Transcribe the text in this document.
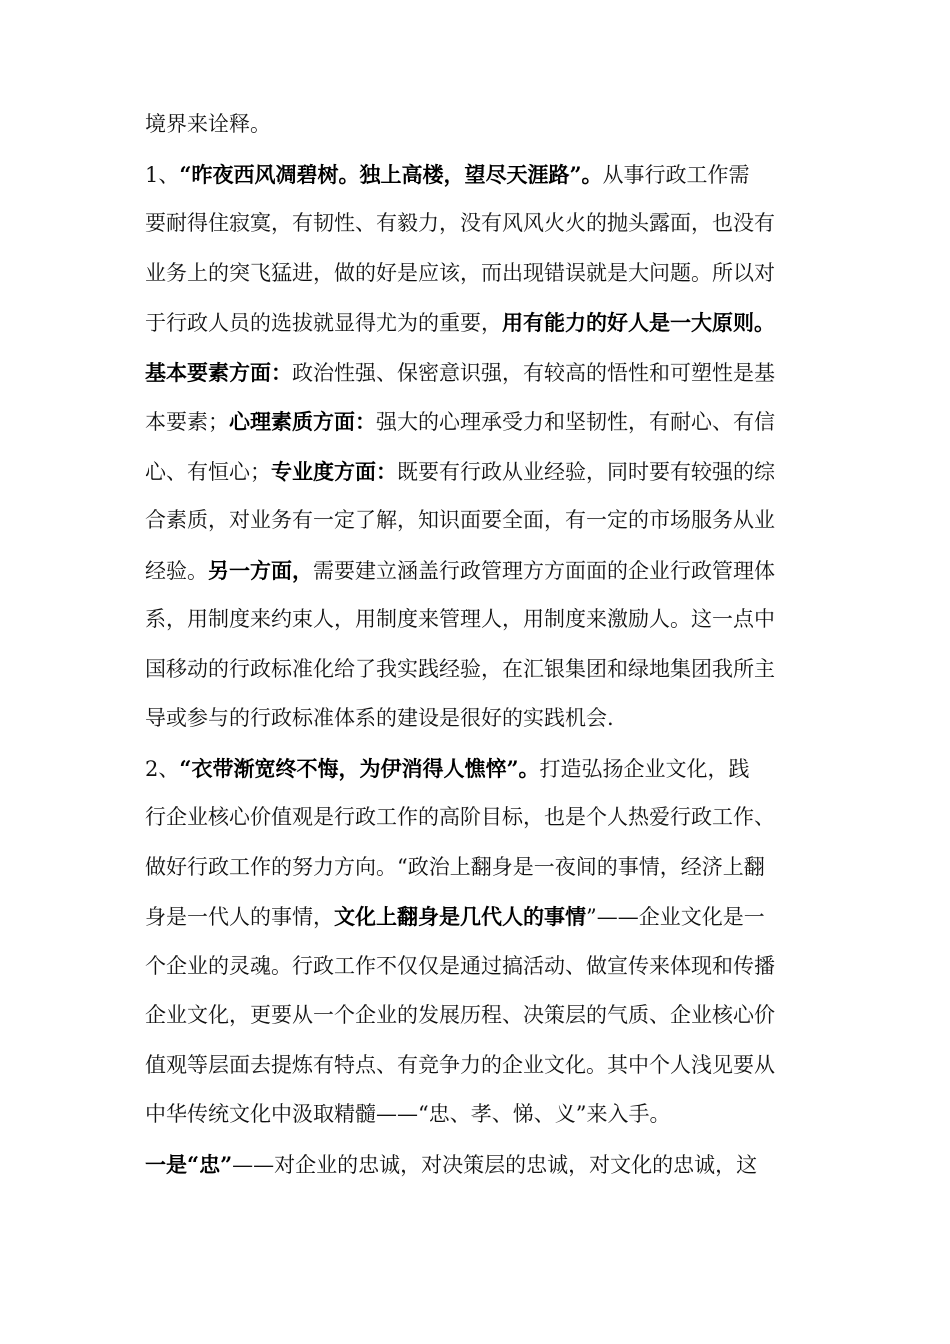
境界来诠释。
1、“昨夜西风凋碧树。独上高楼，望尽天涯路”。从事行政工作需
要耐得住寂寞，有韧性、有毅力，没有风风火火的抛头露面，也没有
业务上的突飞猛进，做的好是应该，而出现错误就是大问题。所以对
于行政人员的选拔就显得尤为的重要，用有能力的好人是一大原则。
基本要素方面：政治性强、保密意识强，有较高的悟性和可塑性是基
本要素；心理素质方面：强大的心理承受力和坚韧性，有耐心、有信
心、有恒心；专业度方面：既要有行政从业经验，同时要有较强的综
合素质，对业务有一定了解，知识面要全面，有一定的市场服务从业
经验。另一方面，需要建立涵盖行政管理方方面面的企业行政管理体
系，用制度来约束人，用制度来管理人，用制度来激励人。这一点中
国移动的行政标准化给了我实践经验，在汇银集团和绿地集团我所主
导或参与的行政标准体系的建设是很好的实践机会.
2、“衣带渐宽终不悔，为伊消得人憔悴”。打造弘扬企业文化，践
行企业核心价值观是行政工作的高阶目标，也是个人热爱行政工作、
做好行政工作的努力方向。“政治上翻身是一夜间的事情，经济上翻
身是一代人的事情，文化上翻身是几代人的事情”——企业文化是一
个企业的灵魂。行政工作不仅仅是通过搞活动、做宣传来体现和传播
企业文化，更要从一个企业的发展历程、决策层的气质、企业核心价
值观等层面去提炼有特点、有竞争力的企业文化。其中个人浅见要从
中华传统文化中汲取精髓——“忠、孝、悌、义”来入手。
一是“忠”——对企业的忠诚，对决策层的忠诚，对文化的忠诚，这
